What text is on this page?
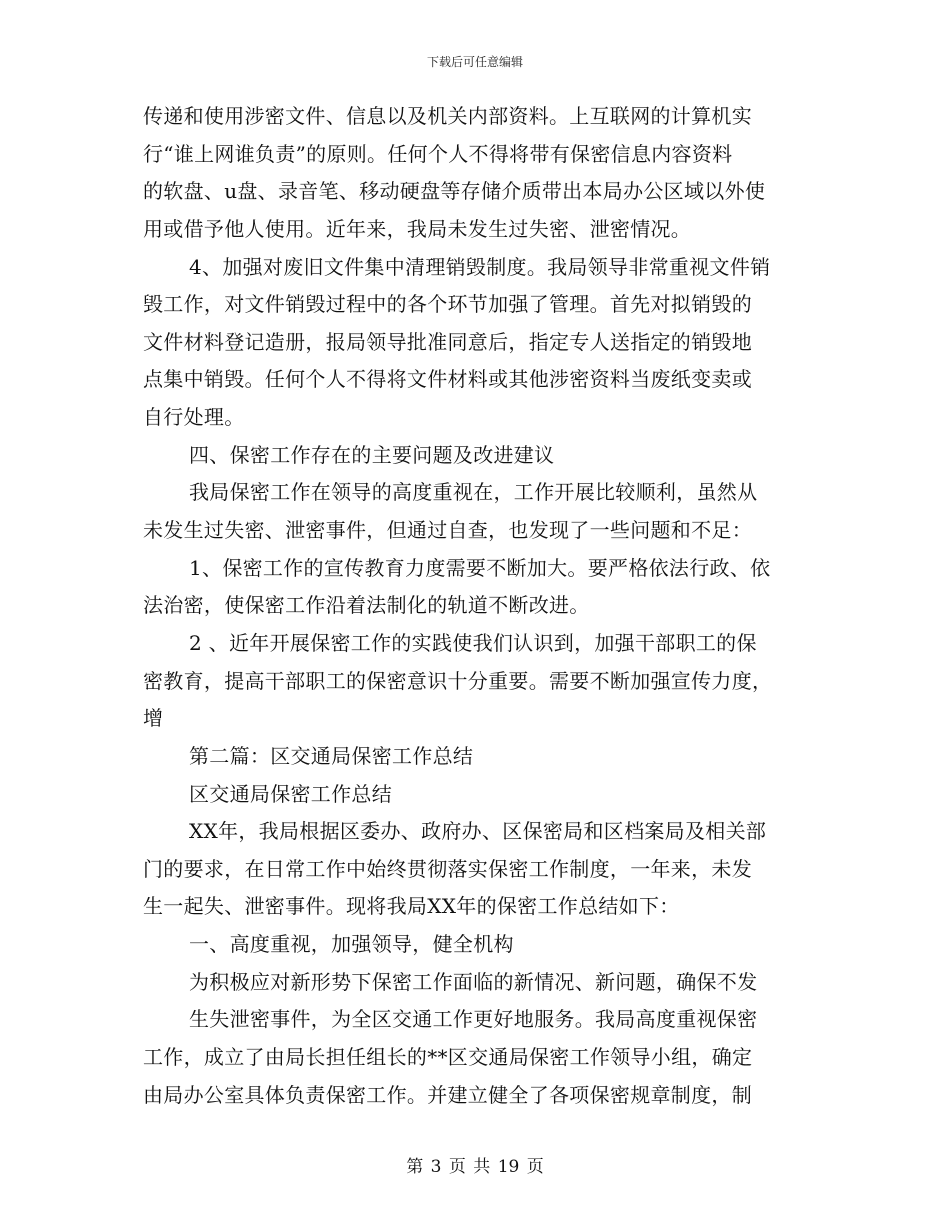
下载后可任意编辑
传递和使用涉密文件、信息以及机关内部资料。上互联网的计算机实
行“谁上网谁负责”的原则。任何个人不得将带有保密信息内容资料
的软盘、u盘、录音笔、移动硬盘等存储介质带出本局办公区域以外使
用或借予他人使用。近年来，我局未发生过失密、泄密情况。
4、加强对废旧文件集中清理销毁制度。我局领导非常重视文件销
毁工作，对文件销毁过程中的各个环节加强了管理。首先对拟销毁的
文件材料登记造册，报局领导批准同意后，指定专人送指定的销毁地
点集中销毁。任何个人不得将文件材料或其他涉密资料当废纸变卖或
自行处理。
四、保密工作存在的主要问题及改进建议
我局保密工作在领导的高度重视在，工作开展比较顺利，虽然从
未发生过失密、泄密事件，但通过自查，也发现了一些问题和不足：
1、保密工作的宣传教育力度需要不断加大。要严格依法行政、依
法治密，使保密工作沿着法制化的轨道不断改进。
2 、近年开展保密工作的实践使我们认识到，加强干部职工的保
密教育，提高干部职工的保密意识十分重要。需要不断加强宣传力度，
增
第二篇：区交通局保密工作总结
区交通局保密工作总结
XX年，我局根据区委办、政府办、区保密局和区档案局及相关部
门的要求，在日常工作中始终贯彻落实保密工作制度，一年来，未发
生一起失、泄密事件。现将我局XX年的保密工作总结如下：
一、高度重视，加强领导，健全机构
为积极应对新形势下保密工作面临的新情况、新问题，确保不发
生失泄密事件，为全区交通工作更好地服务。我局高度重视保密
工作，成立了由局长担任组长的**区交通局保密工作领导小组，确定
由局办公室具体负责保密工作。并建立健全了各项保密规章制度，制
第 3 页 共 19 页
